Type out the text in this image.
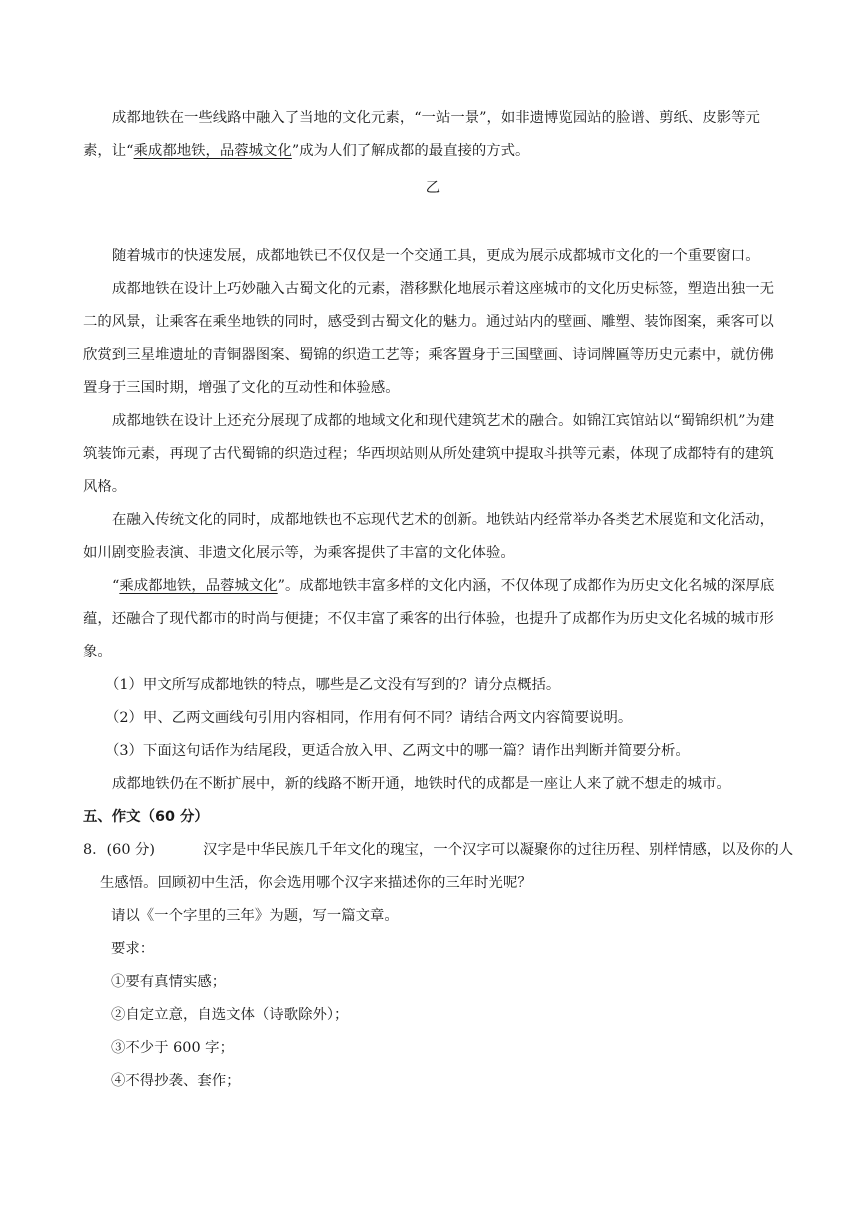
成都地铁在一些线路中融入了当地的文化元素，“一站一景”，如非遗博览园站的脸谱、剪纸、皮影等元素，让“乘成都地铁，品蓉城文化”成为人们了解成都的最直接的方式。

乙

随着城市的快速发展，成都地铁已不仅仅是一个交通工具，更成为展示成都城市文化的一个重要窗口。

成都地铁在设计上巧妙融入古蜀文化的元素，潜移默化地展示着这座城市的文化历史标签，塑造出独一无二的风景，让乘客在乘坐地铁的同时，感受到古蜀文化的魅力。通过站内的壁画、雕塑、装饰图案，乘客可以欣赏到三星堆遗址的青铜器图案、蜀锦的织造工艺等；乘客置身于三国壁画、诗词牌匾等历史元素中，就仿佛置身于三国时期，增强了文化的互动性和体验感。

成都地铁在设计上还充分展现了成都的地域文化和现代建筑艺术的融合。如锦江宾馆站以“蜀锦织机”为建筑装饰元素，再现了古代蜀锦的织造过程；华西坝站则从所处建筑中提取斗拱等元素，体现了成都特有的建筑风格。

在融入传统文化的同时，成都地铁也不忘现代艺术的创新。地铁站内经常举办各类艺术展览和文化活动，如川剧变脸表演、非遗文化展示等，为乘客提供了丰富的文化体验。

“乘成都地铁，品蓉城文化”。成都地铁丰富多样的文化内涵，不仅体现了成都作为历史文化名城的深厚底蕴，还融合了现代都市的时尚与便捷；不仅丰富了乘客的出行体验，也提升了成都作为历史文化名城的城市形象。

（1）甲文所写成都地铁的特点，哪些是乙文没有写到的？请分点概括。

（2）甲、乙两文画线句引用内容相同，作用有何不同？请结合两文内容简要说明。

（3）下面这句话作为结尾段，更适合放入甲、乙两文中的哪一篇？请作出判断并简要分析。

成都地铁仍在不断扩展中，新的线路不断开通，地铁时代的成都是一座让人来了就不想走的城市。

五、作文（60 分）

8．(60 分)	汉字是中华民族几千年文化的瑰宝，一个汉字可以凝聚你的过往历程、别样情感，以及你的人生感悟。回顾初中生活，你会选用哪个汉字来描述你的三年时光呢？

请以《一个字里的三年》为题，写一篇文章。

要求：

①要有真情实感；

②自定立意，自选文体（诗歌除外）；

③不少于 600 字；

④不得抄袭、套作；
